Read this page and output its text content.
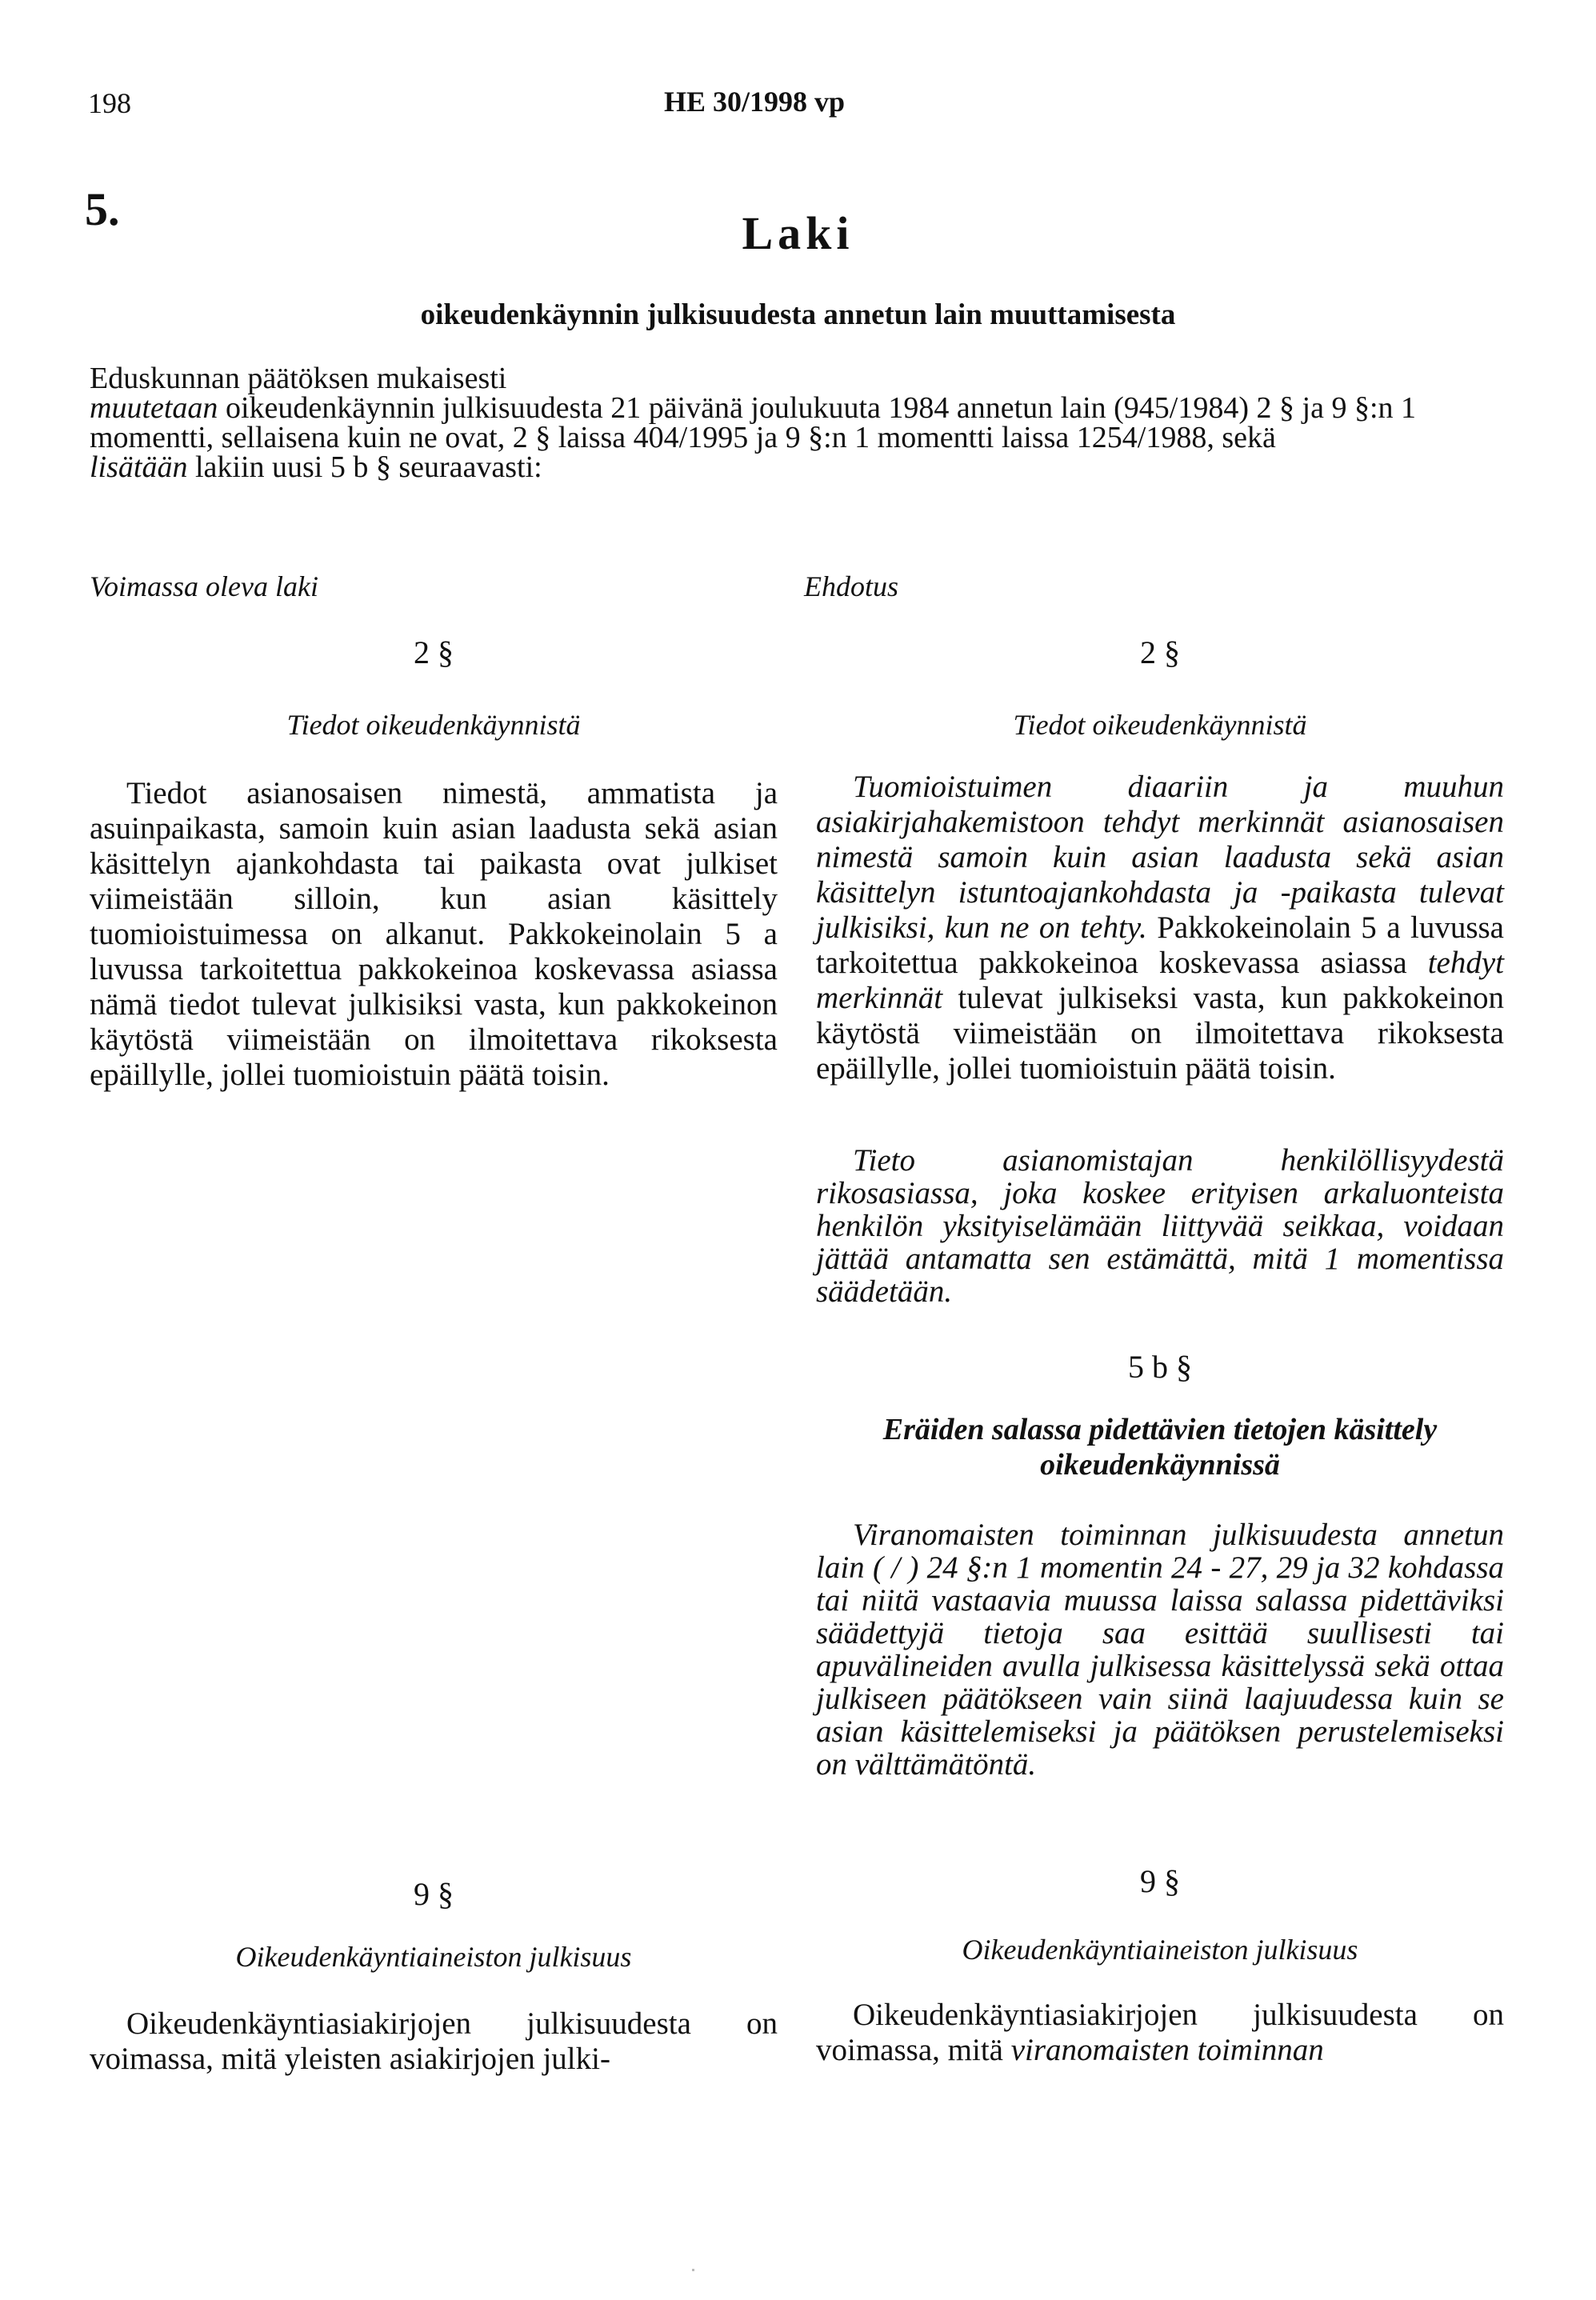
198	HE 30/1998 vp
5.	Laki
oikeudenkäynnin julkisuudesta annetun lain muuttamisesta

Eduskunnan päätöksen mukaisesti

muutetaan oikeudenkäynnin julkisuudesta 21 päivänä joulukuuta 1984 annetun lain (945/1984) 2 § ja 9 §:n 1 momentti, sellaisena kuin ne ovat, 2 § laissa 404/1995 ja 9 §:n 1 momentti laissa 1254/1988, sekä

lisätään lakiin uusi 5 b § seuraavasti:

Voimassa oleva laki	Ehdotus
2 §
Tiedot oikeudenkäynnistä

Tiedot asianosaisen nimestä, ammatista ja asuinpaikasta, samoin kuin asian laadusta sekä asian käsittelyn ajankohdasta tai paikasta ovat julkiset viimeistään silloin, kun asian käsittely tuomioistuimessa on alkanut. Pakkokeinolain 5 a luvussa tarkoitettua pakkokeinoa koskevassa asiassa nämä tiedot tulevat julkisiksi vasta, kun pakkokeinon käytöstä viimeistään on ilmoitettava rikoksesta epäillylle, jollei tuomioistuin päätä toisin.

9 §
Oikeudenkäyntiaineiston julkisuus

Oikeudenkäyntiasiakirjojen julkisuudesta on voimassa, mitä yleisten asiakirjojen julki-

2 §
Tiedot oikeudenkäynnistä

Tuomioistuimen diaariin ja muuhun asiakirjahakemistoon tehdyt merkinnät asianosaisen nimestä samoin kuin asian laadusta sekä asian käsittelyn istuntoajankohdasta ja -paikasta tulevat julkisiksi, kun ne on tehty. Pakkokeinolain 5 a luvussa tarkoitettua pakkokeinoa koskevassa asiassa tehdyt merkinnät tulevat julkiseksi vasta, kun pakkokeinon käytöstä viimeistään on ilmoitettava rikoksesta epäillylle, jollei tuomioistuin päätä toisin.

Tieto asianomistajan henkilöllisyydestä rikosasiassa, joka koskee erityisen arkaluonteista henkilön yksityiselämään liittyvää seikkaa, voidaan jättää antamatta sen estämättä, mitä 1 momentissa säädetään.

5 b §
Eräiden salassa pidettävien tietojen käsittely oikeudenkäynnissä

Viranomaisten toiminnan julkisuudesta annetun lain ( / ) 24 §:n 1 momentin 24 - 27, 29 ja 32 kohdassa tai niitä vastaavia muussa laissa salassa pidettäviksi säädettyjä tietoja saa esittää suullisesti tai apuvälineiden avulla julkisessa käsittelyssä sekä ottaa julkiseen päätökseen vain siinä laajuudessa kuin se asian käsittelemiseksi ja päätöksen perustelemiseksi on välttämätöntä.

9 §
Oikeudenkäyntiaineiston julkisuus

Oikeudenkäyntiasiakirjojen julkisuudesta on voimassa, mitä viranomaisten toiminnan
